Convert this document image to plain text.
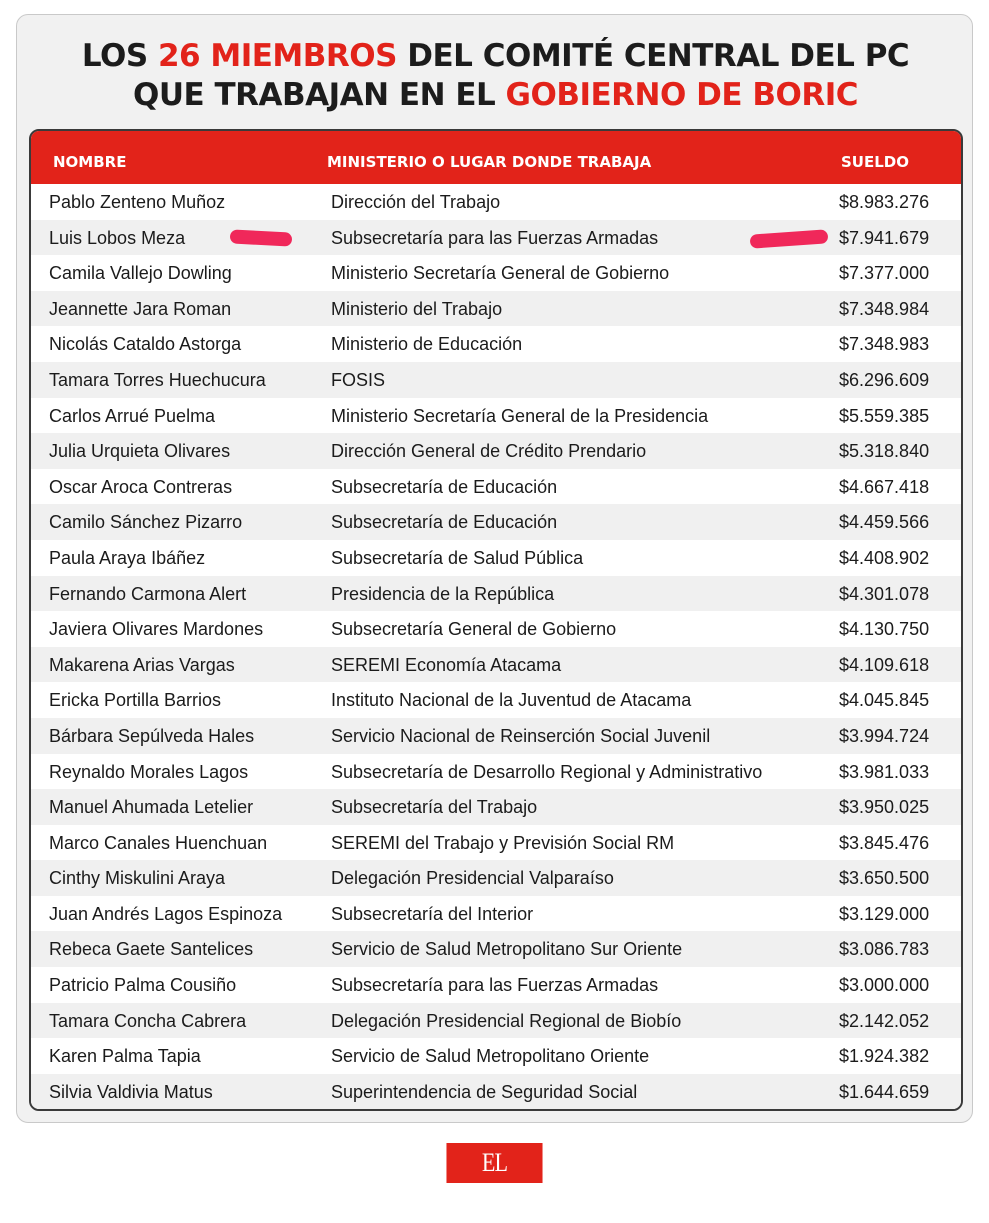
LOS 26 MIEMBROS DEL COMITÉ CENTRAL DEL PC
QUE TRABAJAN EN EL GOBIERNO DE BORIC
NOMBRE	MINISTERIO O LUGAR DONDE TRABAJA	SUELDO
Pablo Zenteno Muñoz	Dirección del Trabajo	$8.983.276
Luis Lobos Meza	Subsecretaría para las Fuerzas Armadas	$7.941.679
Camila Vallejo Dowling	Ministerio Secretaría General de Gobierno	$7.377.000
Jeannette Jara Roman	Ministerio del Trabajo	$7.348.984
Nicolás Cataldo Astorga	Ministerio de Educación	$7.348.983
Tamara Torres Huechucura	FOSIS	$6.296.609
Carlos Arrué Puelma	Ministerio Secretaría General de la Presidencia	$5.559.385
Julia Urquieta Olivares	Dirección General de Crédito Prendario	$5.318.840
Oscar Aroca Contreras	Subsecretaría de Educación	$4.667.418
Camilo Sánchez Pizarro	Subsecretaría de Educación	$4.459.566
Paula Araya Ibáñez	Subsecretaría de Salud Pública	$4.408.902
Fernando Carmona Alert	Presidencia de la República	$4.301.078
Javiera Olivares Mardones	Subsecretaría General de Gobierno	$4.130.750
Makarena Arias Vargas	SEREMI Economía Atacama	$4.109.618
Ericka Portilla Barrios	Instituto Nacional de la Juventud de Atacama	$4.045.845
Bárbara Sepúlveda Hales	Servicio Nacional de Reinserción Social Juvenil	$3.994.724
Reynaldo Morales Lagos	Subsecretaría de Desarrollo Regional y Administrativo	$3.981.033
Manuel Ahumada Letelier	Subsecretaría del Trabajo	$3.950.025
Marco Canales Huenchuan	SEREMI del Trabajo y Previsión Social RM	$3.845.476
Cinthy Miskulini Araya	Delegación Presidencial Valparaíso	$3.650.500
Juan Andrés Lagos Espinoza	Subsecretaría del Interior	$3.129.000
Rebeca Gaete Santelices	Servicio de Salud Metropolitano Sur Oriente	$3.086.783
Patricio Palma Cousiño	Subsecretaría para las Fuerzas Armadas	$3.000.000
Tamara Concha Cabrera	Delegación Presidencial Regional de Biobío	$2.142.052
Karen Palma Tapia	Servicio de Salud Metropolitano Oriente	$1.924.382
Silvia Valdivia Matus	Superintendencia de Seguridad Social	$1.644.659
EL LIBERO
